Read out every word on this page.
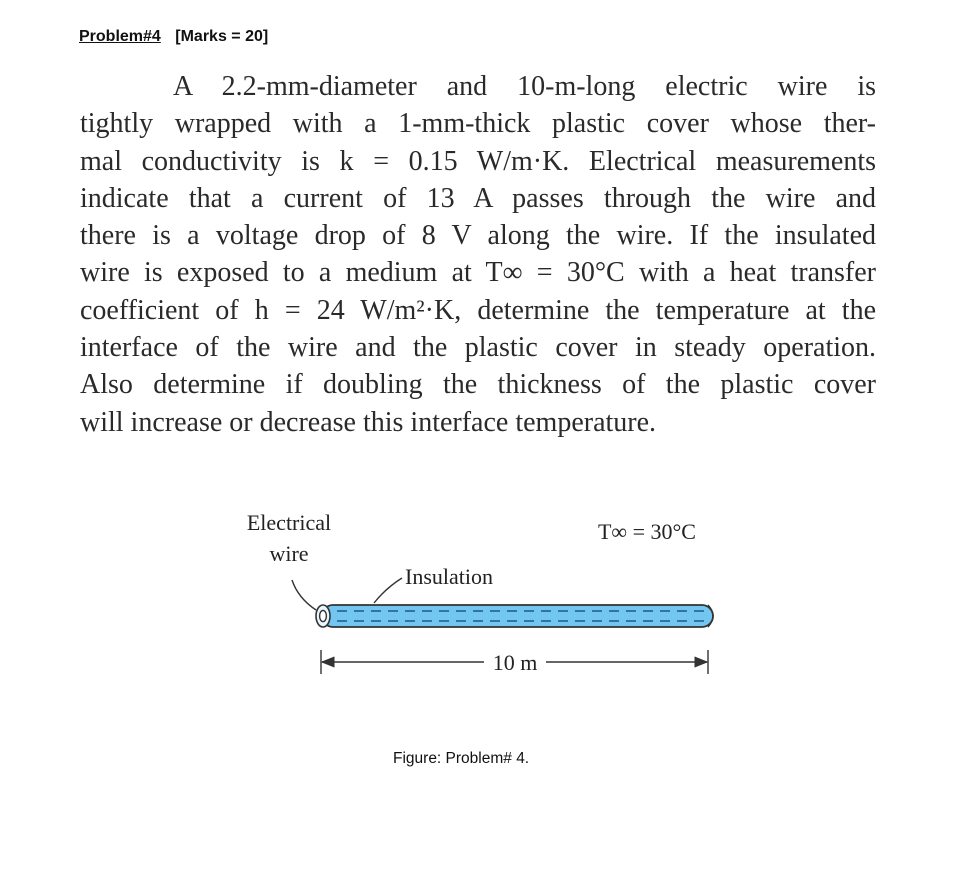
Problem#4 [Marks = 20]
A 2.2-mm-diameter and 10-m-long electric wire is
tightly wrapped with a 1-mm-thick plastic cover whose ther-
mal conductivity is k = 0.15 W/m·K. Electrical measurements
indicate that a current of 13 A passes through the wire and
there is a voltage drop of 8 V along the wire. If the insulated
wire is exposed to a medium at T∞ = 30°C with a heat transfer
coefficient of h = 24 W/m²·K, determine the temperature at the
interface of the wire and the plastic cover in steady operation.
Also determine if doubling the thickness of the plastic cover
will increase or decrease this interface temperature.
Electrical
wire
Insulation
T∞ = 30°C
10 m
Figure: Problem# 4.
